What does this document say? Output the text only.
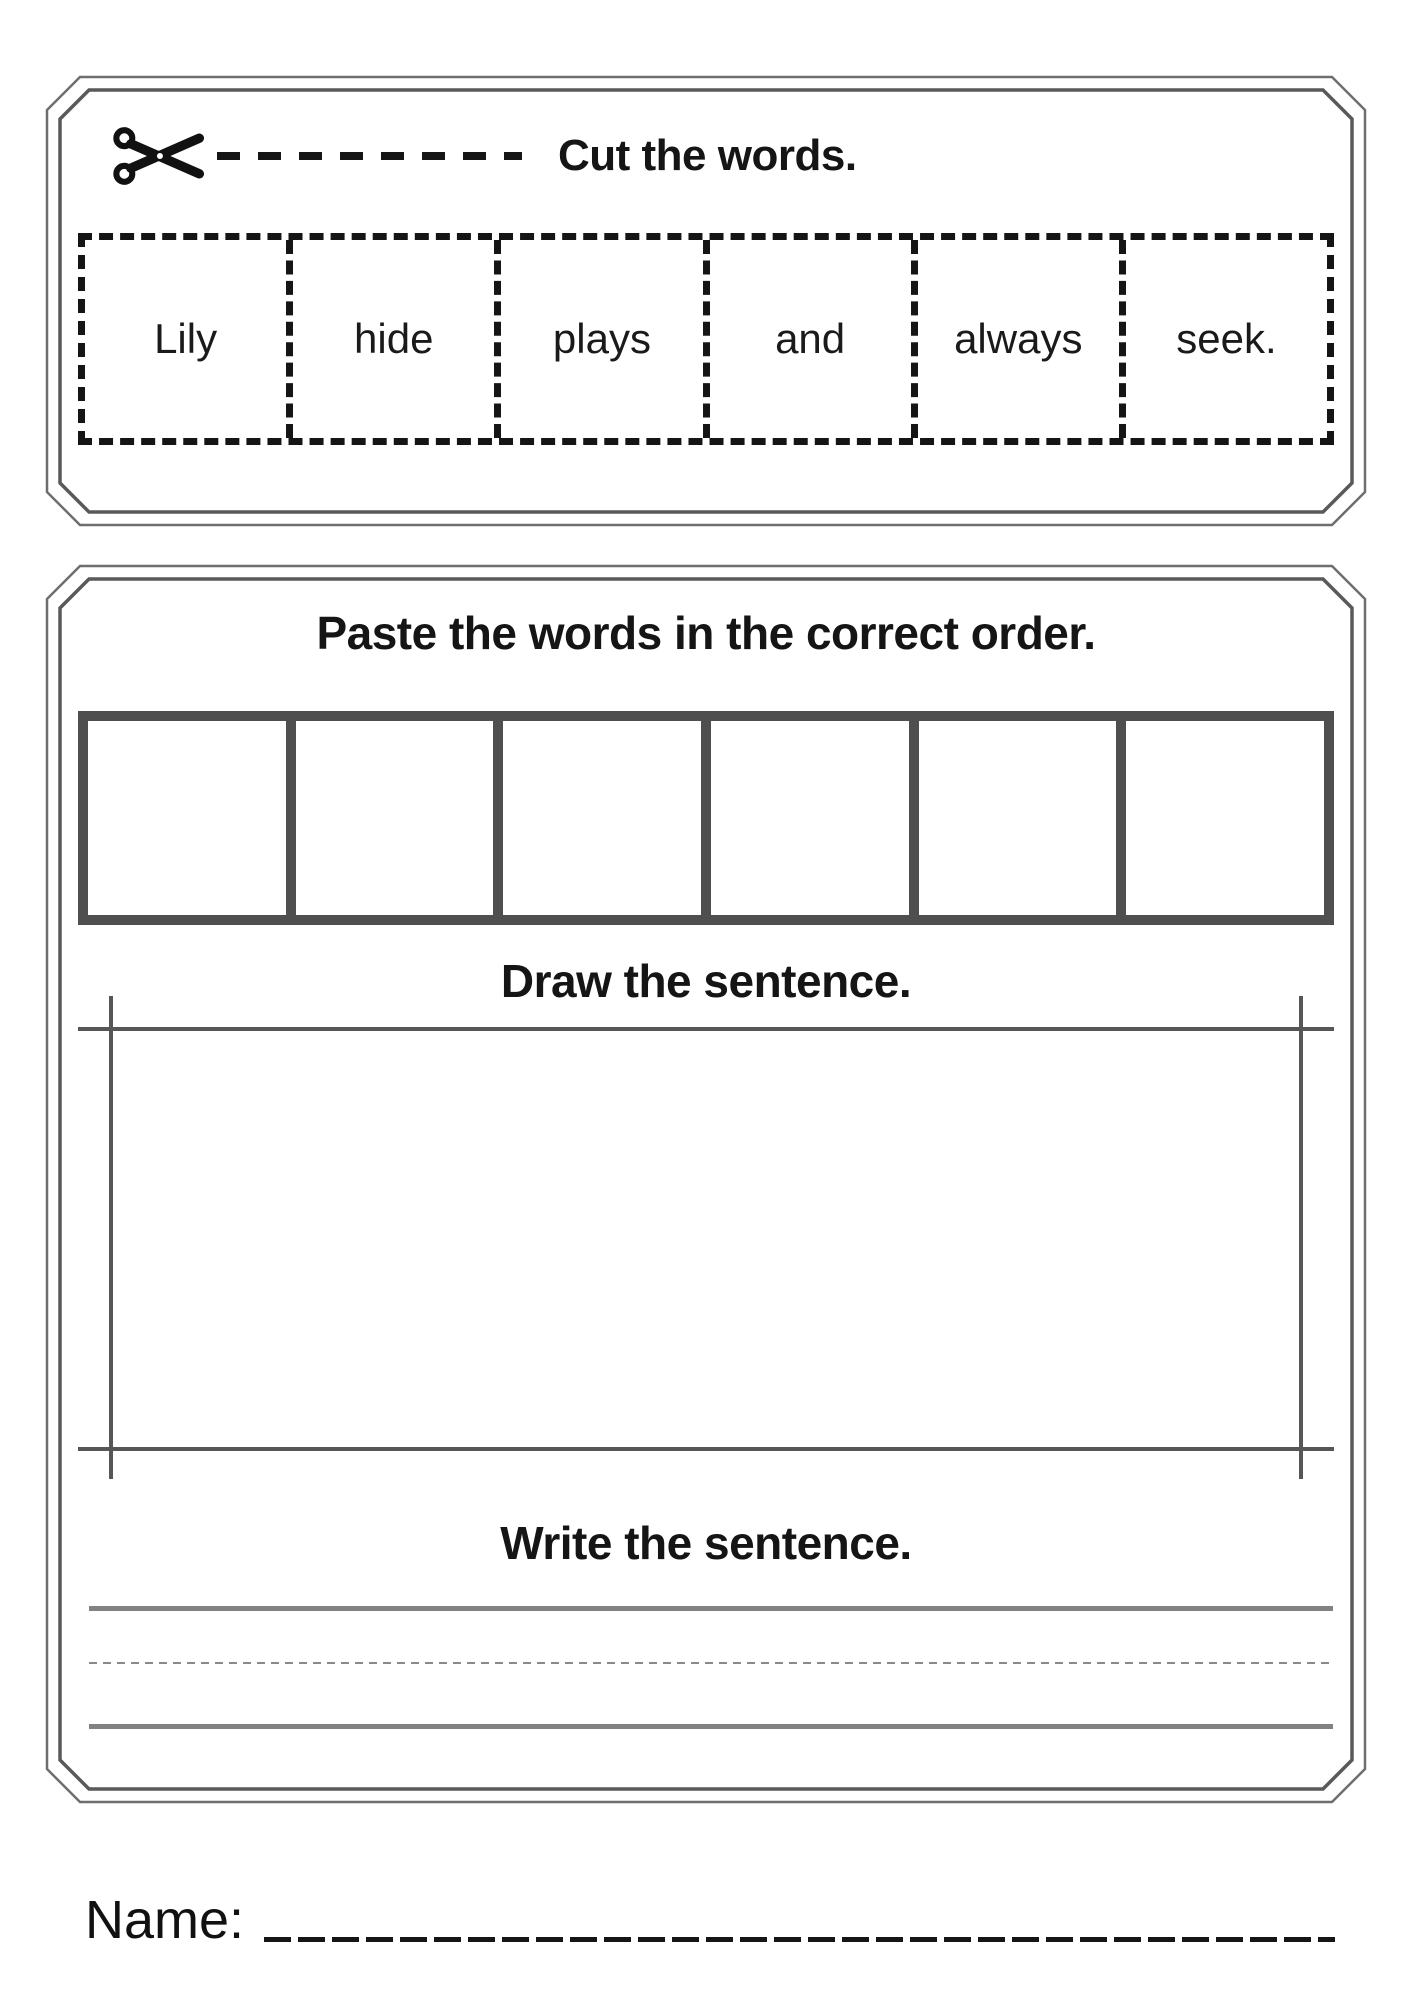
Cut the words.
Lily	hide	plays	and	always seek.
Paste the words in the correct order.
Draw the sentence.
Write the sentence.
Name:
